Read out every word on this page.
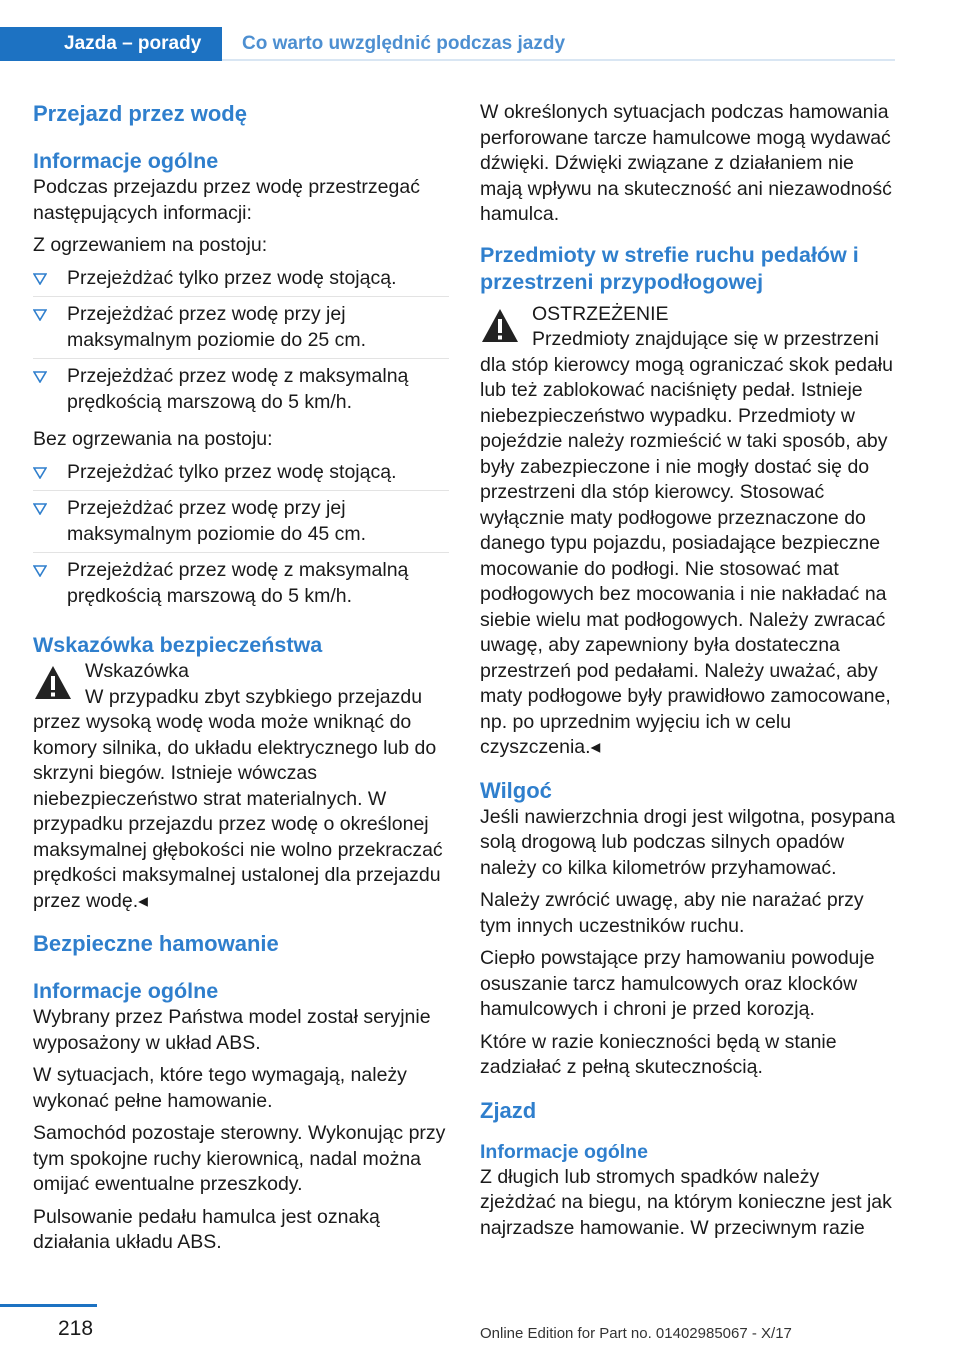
Jazda – porady	Co warto uwzględnić podczas jazdy
Przejazd przez wodę
Informacje ogólne

Podczas przejazdu przez wodę przestrzegać następujących informacji:

Z ogrzewaniem na postoju:

Przejeżdżać tylko przez wodę stojącą.
Przejeżdżać przez wodę przy jej maksymalnym poziomie do 25 cm.
Przejeżdżać przez wodę z maksymalną prędkością marszową do 5 km/h.

Bez ogrzewania na postoju:

Przejeżdżać tylko przez wodę stojącą.
Przejeżdżać przez wodę przy jej maksymalnym poziomie do 45 cm.
Przejeżdżać przez wodę z maksymalną prędkością marszową do 5 km/h.
Wskazówka bezpieczeństwa

Wskazówka

W przypadku zbyt szybkiego przejazdu przez wysoką wodę woda może wniknąć do komory silnika, do układu elektrycznego lub do skrzyni biegów. Istnieje wówczas niebezpieczeństwo strat materialnych. W przypadku przejazdu przez wodę o określonej maksymalnej głębokości nie wolno przekraczać prędkości maksymalnej ustalonej dla przejazdu przez wodę.◂

Bezpieczne hamowanie
Informacje ogólne

Wybrany przez Państwa model został seryjnie wyposażony w układ ABS.

W sytuacjach, które tego wymagają, należy wykonać pełne hamowanie.

Samochód pozostaje sterowny. Wykonując przy tym spokojne ruchy kierownicą, nadal można omijać ewentualne przeszkody.

Pulsowanie pedału hamulca jest oznaką działania układu ABS.

W określonych sytuacjach podczas hamowania perforowane tarcze hamulcowe mogą wydawać dźwięki. Dźwięki związane z działaniem nie mają wpływu na skuteczność ani niezawodność hamulca.

Przedmioty w strefie ruchu pedałów i przestrzeni przypodłogowej

OSTRZEŻENIE

Przedmioty znajdujące się w przestrzeni dla stóp kierowcy mogą ograniczać skok pedału lub też zablokować naciśnięty pedał. Istnieje niebezpieczeństwo wypadku. Przedmioty w pojeździe należy rozmieścić w taki sposób, aby były zabezpieczone i nie mogły dostać się do przestrzeni dla stóp kierowcy. Stosować wyłącznie maty podłogowe przeznaczone do danego typu pojazdu, posiadające bezpieczne mocowanie do podłogi. Nie stosować mat podłogowych bez mocowania i nie nakładać na siebie wielu mat podłogowych. Należy zwracać uwagę, aby zapewniony była dostateczna przestrzeń pod pedałami. Należy uważać, aby maty podłogowe były prawidłowo zamocowane, np. po uprzednim wyjęciu ich w celu czyszczenia.◂

Wilgoć

Jeśli nawierzchnia drogi jest wilgotna, posypana solą drogową lub podczas silnych opadów należy co kilka kilometrów przyhamować.

Należy zwrócić uwagę, aby nie narażać przy tym innych uczestników ruchu.

Ciepło powstające przy hamowaniu powoduje osuszanie tarcz hamulcowych oraz klocków hamulcowych i chroni je przed korozją.

Które w razie konieczności będą w stanie zadziałać z pełną skutecznością.

Zjazd
Informacje ogólne

Z długich lub stromych spadków należy zjeżdżać na biegu, na którym konieczne jest jak najrzadsze hamowanie. W przeciwnym razie

218	Online Edition for Part no. 01402985067 - X/17
